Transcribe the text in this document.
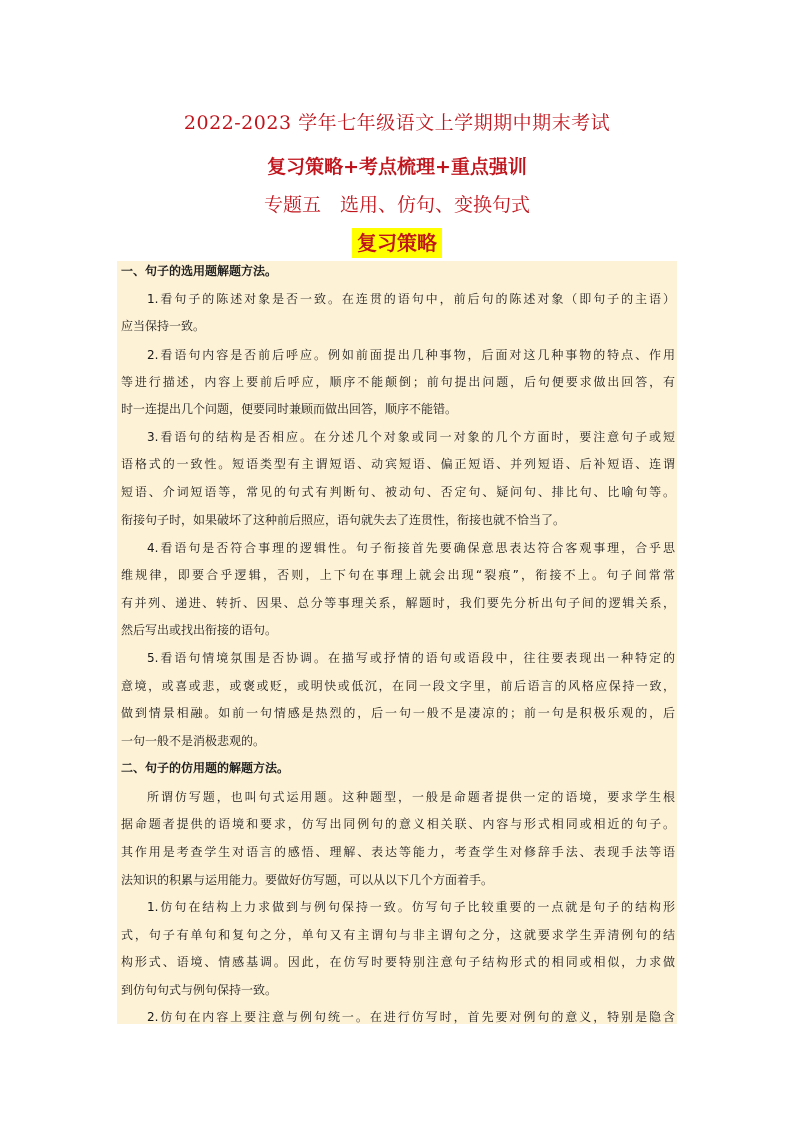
2022-2023 学年七年级语文上学期期中期末考试
复习策略+考点梳理+重点强训
专题五　选用、仿句、变换句式
复习策略
一、句子的选用题解题方法。
1.看句子的陈述对象是否一致。在连贯的语句中，前后句的陈述对象（即句子的主语）
应当保持一致。
2.看语句内容是否前后呼应。例如前面提出几种事物，后面对这几种事物的特点、作用
等进行描述，内容上要前后呼应，顺序不能颠倒；前句提出问题，后句便要求做出回答，有
时一连提出几个问题，便要同时兼顾而做出回答，顺序不能错。
3.看语句的结构是否相应。在分述几个对象或同一对象的几个方面时，要注意句子或短
语格式的一致性。短语类型有主谓短语、动宾短语、偏正短语、并列短语、后补短语、连谓
短语、介词短语等，常见的句式有判断句、被动句、否定句、疑问句、排比句、比喻句等。
衔接句子时，如果破坏了这种前后照应，语句就失去了连贯性，衔接也就不恰当了。
4.看语句是否符合事理的逻辑性。句子衔接首先要确保意思表达符合客观事理，合乎思
维规律，即要合乎逻辑，否则，上下句在事理上就会出现“裂痕”，衔接不上。句子间常常
有并列、递进、转折、因果、总分等事理关系，解题时，我们要先分析出句子间的逻辑关系，
然后写出或找出衔接的语句。
5.看语句情境氛围是否协调。在描写或抒情的语句或语段中，往往要表现出一种特定的
意境，或喜或悲，或褒或贬，或明快或低沉，在同一段文字里，前后语言的风格应保持一致，
做到情景相融。如前一句情感是热烈的，后一句一般不是凄凉的；前一句是积极乐观的，后
一句一般不是消极悲观的。
二、句子的仿用题的解题方法。
所谓仿写题，也叫句式运用题。这种题型，一般是命题者提供一定的语境，要求学生根
据命题者提供的语境和要求，仿写出同例句的意义相关联、内容与形式相同或相近的句子。
其作用是考查学生对语言的感悟、理解、表达等能力，考查学生对修辞手法、表现手法等语
法知识的积累与运用能力。要做好仿写题，可以从以下几个方面着手。
1.仿句在结构上力求做到与例句保持一致。仿写句子比较重要的一点就是句子的结构形
式，句子有单句和复句之分，单句又有主谓句与非主谓句之分，这就要求学生弄清例句的结
构形式、语境、情感基调。因此，在仿写时要特别注意句子结构形式的相同或相似，力求做
到仿句句式与例句保持一致。
2.仿句在内容上要注意与例句统一。在进行仿写时，首先要对例句的意义，特别是隐含
